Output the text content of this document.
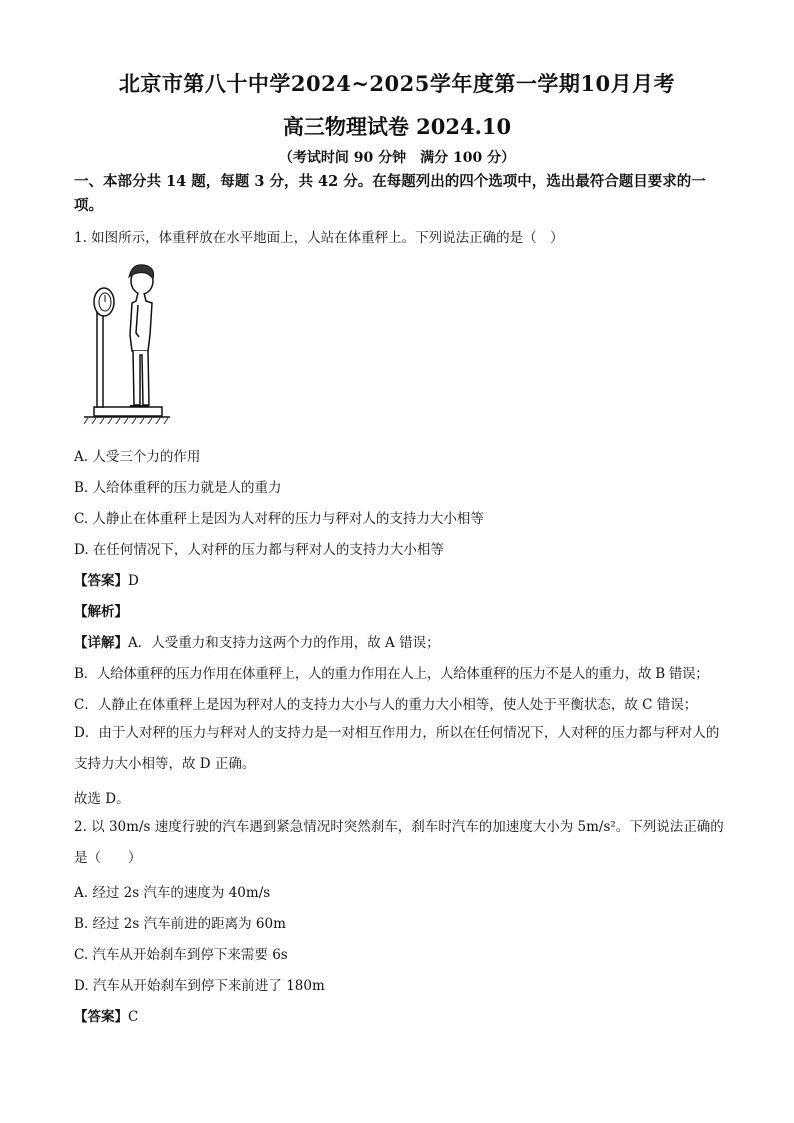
北京市第八十中学2024~2025学年度第一学期10月月考
高三物理试卷 2024.10
（考试时间 90 分钟　满分 100 分）
一、本部分共 14 题，每题 3 分，共 42 分。在每题列出的四个选项中，选出最符合题目要求的一项。
1. 如图所示，体重秤放在水平地面上，人站在体重秤上。下列说法正确的是（　）
A. 人受三个力的作用
B. 人给体重秤的压力就是人的重力
C. 人静止在体重秤上是因为人对秤的压力与秤对人的支持力大小相等
D. 在任何情况下，人对秤的压力都与秤对人的支持力大小相等
【答案】D
【解析】
【详解】A．人受重力和支持力这两个力的作用，故 A 错误；
B．人给体重秤的压力作用在体重秤上，人的重力作用在人上，人给体重秤的压力不是人的重力，故 B 错误；
C．人静止在体重秤上是因为秤对人的支持力大小与人的重力大小相等，使人处于平衡状态，故 C 错误；
D．由于人对秤的压力与秤对人的支持力是一对相互作用力，所以在任何情况下，人对秤的压力都与秤对人的支持力大小相等，故 D 正确。
故选 D。
2. 以 30m/s 速度行驶的汽车遇到紧急情况时突然刹车，刹车时汽车的加速度大小为 5m/s²。下列说法正确的是（　　）
A. 经过 2s 汽车的速度为 40m/s
B. 经过 2s 汽车前进的距离为 60m
C. 汽车从开始刹车到停下来需要 6s
D. 汽车从开始刹车到停下来前进了 180m
【答案】C
